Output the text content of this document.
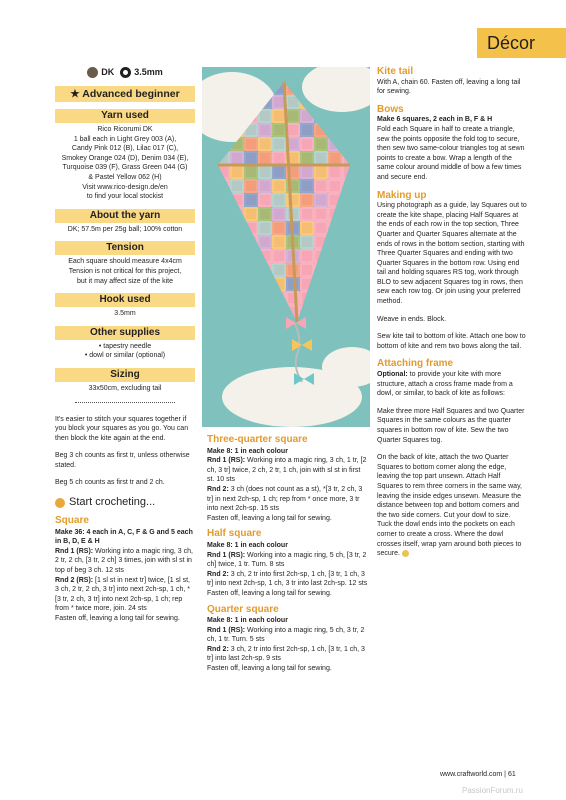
Décor
DK 3.5mm
★ Advanced beginner
Yarn used
Rico Ricorumi DK
1 ball each in Light Grey 003 (A),
Candy Pink 012 (B), Lilac 017 (C),
Smokey Orange 024 (D), Denim 034 (E),
Turquoise 039 (F), Grass Green 044 (G)
& Pastel Yellow 062 (H)
Visit www.rico-design.de/en
to find your local stockist
About the yarn
DK; 57.5m per 25g ball; 100% cotton
Tension
Each square should measure 4x4cm
Tension is not critical for this project,
but it may affect size of the kite
Hook used
3.5mm
Other supplies
• tapestry needle
• dowl or similar (optional)
Sizing
33x50cm, excluding tail

It's easier to stitch your squares together if you block your squares as you go. You can then block the kite again at the end.

Beg 3 ch counts as first tr, unless otherwise stated.

Beg 5 ch counts as first tr and 2 ch.

Start crocheting...
Square
Make 36: 4 each in A, C, F & G and 5 each in B, D, E & H
Rnd 1 (RS): Working into a magic ring, 3 ch, 2 tr, 2 ch, [3 tr, 2 ch] 3 times, join with sl st in top of beg 3 ch. 12 sts
Rnd 2 (RS): [1 sl st in next tr] twice, [1 sl st, 3 ch, 2 tr, 2 ch, 3 tr] into next 2ch-sp, 1 ch, *[3 tr, 2 ch, 3 tr] into next 2ch-sp, 1 ch; rep from * twice more, join. 24 sts
Fasten off, leaving a long tail for sewing.
Three-quarter square
Make 8: 1 in each colour
Rnd 1 (RS): Working into a magic ring, 3 ch, 1 tr, [2 ch, 3 tr] twice, 2 ch, 2 tr, 1 ch, join with sl st in first st. 10 sts
Rnd 2: 3 ch (does not count as a st), *[3 tr, 2 ch, 3 tr] in next 2ch-sp, 1 ch; rep from * once more, 3 tr into next 2ch-sp. 15 sts
Fasten off, leaving a long tail for sewing.
Half square
Make 8: 1 in each colour
Rnd 1 (RS): Working into a magic ring, 5 ch, [3 tr, 2 ch] twice, 1 tr. Turn. 8 sts
Rnd 2: 3 ch, 2 tr into first 2ch-sp, 1 ch, [3 tr, 1 ch, 3 tr] into next 2ch-sp, 1 ch, 3 tr into last 2ch-sp. 12 sts
Fasten off, leaving a long tail for sewing.
Quarter square
Make 8: 1 in each colour
Rnd 1 (RS): Working into a magic ring, 5 ch, 3 tr, 2 ch, 1 tr. Turn. 5 sts
Rnd 2: 3 ch, 2 tr into first 2ch-sp, 1 ch, [3 tr, 1 ch, 3 tr] into last 2ch-sp. 9 sts
Fasten off, leaving a long tail for sewing.
Kite tail

With A, chain 60. Fasten off, leaving a long tail for sewing.

Bows
Make 6 squares, 2 each in B, F & H

Fold each Square in half to create a triangle, sew the points opposite the fold tog to secure, then sew two same-colour triangles tog at sewn points to create a bow. Wrap a length of the same colour around middle of bow a few times and secure end.

Making up

Using photograph as a guide, lay Squares out to create the kite shape, placing Half Squares at the ends of each row in the top section, Three Quarter and Quarter Squares alternate at the ends of rows in the bottom section, starting with Three Quarter Squares and ending with two Quarter Squares in the bottom row. Using end tail and holding squares RS tog, work through BLO to sew adjacent Squares tog in rows, then sew each row tog. Or join using your preferred method.

Weave in ends. Block.

Sew kite tail to bottom of kite. Attach one bow to bottom of kite and rem two bows along the tail.

Attaching frame

Optional: to provide your kite with more structure, attach a cross frame made from a dowl, or similar, to back of kite as follows:

Make three more Half Squares and two Quarter Squares in the same colours as the quarter squares in bottom row of kite. Sew the two Quarter Squares tog.

On the back of kite, attach the two Quarter Squares to bottom corner along the edge, leaving the top part unsewn. Attach Half Squares to rem three corners in the same way, leaving the inside edges unsewn. Measure the distance between top and bottom corners and the two side corners. Cut your dowl to size. Tuck the dowl ends into the pockets on each corner to create a cross. Where the dowl crosses itself, wrap yarn around both pieces to secure.

www.craftworld.com | 61
PassionForum.ru
